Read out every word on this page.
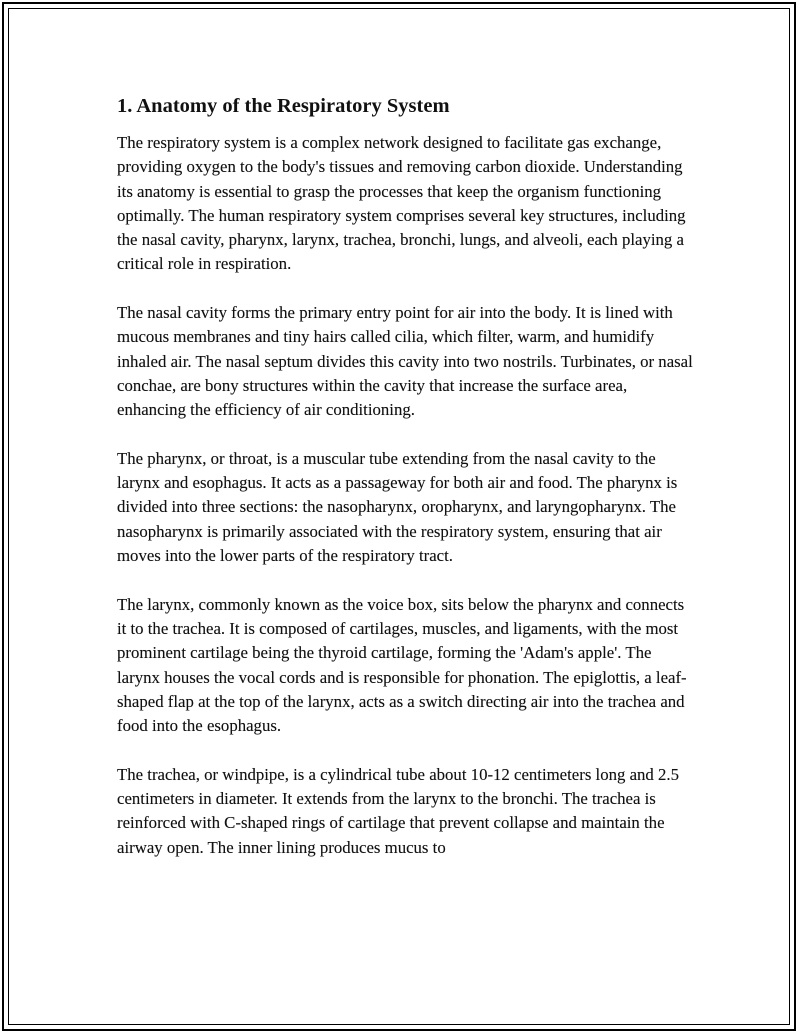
1. Anatomy of the Respiratory System

The respiratory system is a complex network designed to facilitate gas exchange, providing oxygen to the body's tissues and removing carbon dioxide. Understanding its anatomy is essential to grasp the processes that keep the organism functioning optimally. The human respiratory system comprises several key structures, including the nasal cavity, pharynx, larynx, trachea, bronchi, lungs, and alveoli, each playing a critical role in respiration.

The nasal cavity forms the primary entry point for air into the body. It is lined with mucous membranes and tiny hairs called cilia, which filter, warm, and humidify inhaled air. The nasal septum divides this cavity into two nostrils. Turbinates, or nasal conchae, are bony structures within the cavity that increase the surface area, enhancing the efficiency of air conditioning.

The pharynx, or throat, is a muscular tube extending from the nasal cavity to the larynx and esophagus. It acts as a passageway for both air and food. The pharynx is divided into three sections: the nasopharynx, oropharynx, and laryngopharynx. The nasopharynx is primarily associated with the respiratory system, ensuring that air moves into the lower parts of the respiratory tract.

The larynx, commonly known as the voice box, sits below the pharynx and connects it to the trachea. It is composed of cartilages, muscles, and ligaments, with the most prominent cartilage being the thyroid cartilage, forming the 'Adam's apple'. The larynx houses the vocal cords and is responsible for phonation. The epiglottis, a leaf-shaped flap at the top of the larynx, acts as a switch directing air into the trachea and food into the esophagus.

The trachea, or windpipe, is a cylindrical tube about 10-12 centimeters long and 2.5 centimeters in diameter. It extends from the larynx to the bronchi. The trachea is reinforced with C-shaped rings of cartilage that prevent collapse and maintain the airway open. The inner lining produces mucus to
